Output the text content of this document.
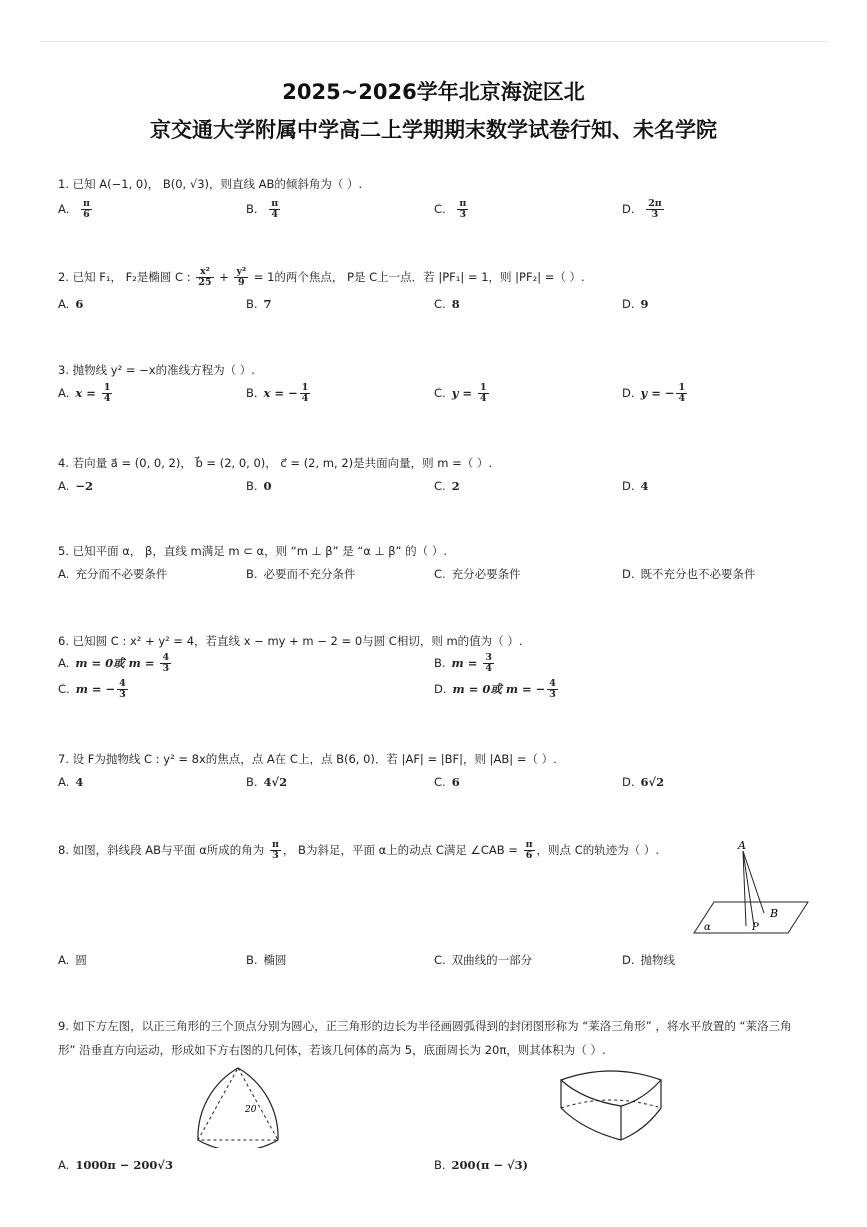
2025~2026学年北京海淀区北
京交通大学附属中学高二上学期期末数学试卷行知、未名学院
1. 已知 A(−1, 0)， B(0, √3)，则直线 AB的倾斜角为（ ）.
A. $\frac{\pi}{6}$	B. $\frac{\pi}{4}$	C. $\frac{\pi}{3}$	D. $\frac{2\pi}{3}$
2. 已知 F₁， F₂是椭圆 C : $\frac{\text{x²}}{25} + \frac{\text{y²}}{9} = 1$的两个焦点， P是 C上一点．若 |PF₁| = 1，则 |PF₂| =（ ）.
A. 6	B. 7	C. 8	D. 9
3. 抛物线 y² = −x的准线方程为（ ）.
A. $x = \frac{1}{4}$	B. x = − $\frac{1}{4}$	C. $y = \frac{1}{4}$	D. y = − $\frac{1}{4}$
4. 若向量 a⃗ = (0, 0, 2)， b⃗ = (2, 0, 0)， c⃗ = (2, m, 2)是共面向量，则 m =（ ）.
A. −2	B. 0	C. 2	D. 4
5. 已知平面 α， β，直线 m满足 m ⊂ α，则 “m ⊥ β” 是 “α ⊥ β” 的（ ）.
A. 充分而不必要条件	B. 必要而不充分条件	C. 充分必要条件	D. 既不充分也不必要条件
6. 已知圆 C : x² + y² = 4，若直线 x − my + m − 2 = 0与圆 C相切，则 m的值为（ ）.
A. m = 0或 $m = \frac{4}{3}$	B. $m = \frac{3}{4}$
C. m = − $\frac{4}{3}$	D. m = 0或 m = − $\frac{4}{3}$
7. 设 F为抛物线 C : y² = 8x的焦点，点 A在 C上，点 B(6, 0)．若 |AF| = |BF|，则 |AB| =（ ）.
A. 4	B. 4√2	C. 6	D. 6√2
8. 如图，斜线段 AB与平面 α所成的角为 $\frac{\pi}{3}$ ， B为斜足，平面 α上的动点 C满足 ∠CAB = $\frac{\pi}{6}$ ，则点 C的轨迹为（ ）.	A
B
P
α
A. 圆	B. 椭圆	C. 双曲线的一部分	D. 抛物线
9. 如下方左图，以正三角形的三个顶点分别为圆心，正三角形的边长为半径画圆弧得到的封闭图形称为 “莱洛三角形” ，将水平放置的 “莱洛三角形” 沿垂直方向运动，形成如下方右图的几何体，若该几何体的高为 5，底面周长为 20π，则其体积为（ ）.
20
A. 1000π − 200√3	B. 200(π − √3)
